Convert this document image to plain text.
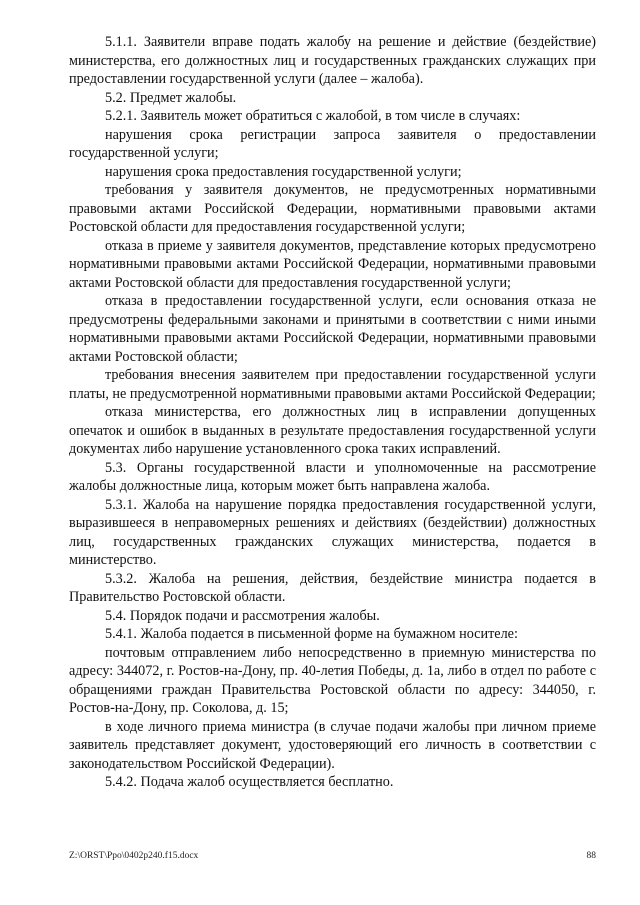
5.1.1. Заявители вправе подать жалобу на решение и действие (бездействие) министерства, его должностных лиц и государственных гражданских служащих при предоставлении государственной услуги (далее – жалоба).

5.2. Предмет жалобы.

5.2.1. Заявитель может обратиться с жалобой, в том числе в случаях:

нарушения срока регистрации запроса заявителя о предоставлении государственной услуги;

нарушения срока предоставления государственной услуги;

требования у заявителя документов, не предусмотренных нормативными правовыми актами Российской Федерации, нормативными правовыми актами Ростовской области для предоставления государственной услуги;

отказа в приеме у заявителя документов, представление которых предусмотрено нормативными правовыми актами Российской Федерации, нормативными правовыми актами Ростовской области для предоставления государственной услуги;

отказа в предоставлении государственной услуги, если основания отказа не предусмотрены федеральными законами и принятыми в соответствии с ними иными нормативными правовыми актами Российской Федерации, нормативными правовыми актами Ростовской области;

требования внесения заявителем при предоставлении государственной услуги платы, не предусмотренной нормативными правовыми актами Российской Федерации;

отказа министерства, его должностных лиц в исправлении допущенных опечаток и ошибок в выданных в результате предоставления государственной услуги документах либо нарушение установленного срока таких исправлений.

5.3. Органы государственной власти и уполномоченные на рассмотрение жалобы должностные лица, которым может быть направлена жалоба.

5.3.1. Жалоба на нарушение порядка предоставления государственной услуги, выразившееся в неправомерных решениях и действиях (бездействии) должностных лиц, государственных гражданских служащих министерства, подается в министерство.

5.3.2. Жалоба на решения, действия, бездействие министра подается в Правительство Ростовской области.

5.4. Порядок подачи и рассмотрения жалобы.

5.4.1. Жалоба подается в письменной форме на бумажном носителе:

почтовым отправлением либо непосредственно в приемную министерства по адресу: 344072, г. Ростов-на-Дону, пр. 40-летия Победы, д. 1а, либо в отдел по работе с обращениями граждан Правительства Ростовской области по адресу: 344050, г. Ростов-на-Дону, пр. Соколова, д. 15;

в ходе личного приема министра (в случае подачи жалобы при личном приеме заявитель представляет документ, удостоверяющий его личность в соответствии с законодательством Российской Федерации).

5.4.2. Подача жалоб осуществляется бесплатно.

Z:\ORST\Ppo\0402p240.f15.docx	88
